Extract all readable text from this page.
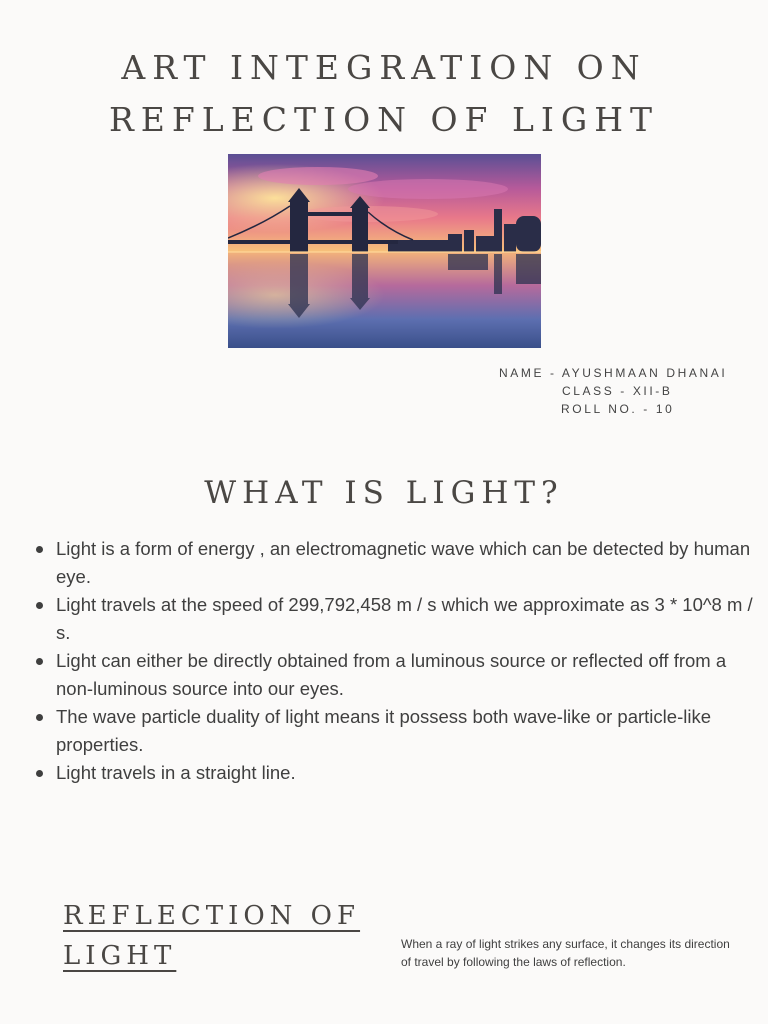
ART INTEGRATION ON
REFLECTION OF LIGHT
NAME - AYUSHMAAN DHANAI
CLASS - XII-B
ROLL NO. - 10
WHAT IS LIGHT?
Light is a form of energy , an electromagnetic wave which can be detected by human eye.
Light travels at the speed of 299,792,458 m / s which we approximate as 3 * 10^8 m / s.
Light can either be directly obtained from a luminous source or reflected off from a non-luminous source into our eyes.
The wave particle duality of light means it possess both wave-like or particle-like properties.
Light travels in a straight line.
REFLECTION OF
LIGHT	When a ray of light strikes any surface, it changes its direction of travel by following the laws of reflection.
